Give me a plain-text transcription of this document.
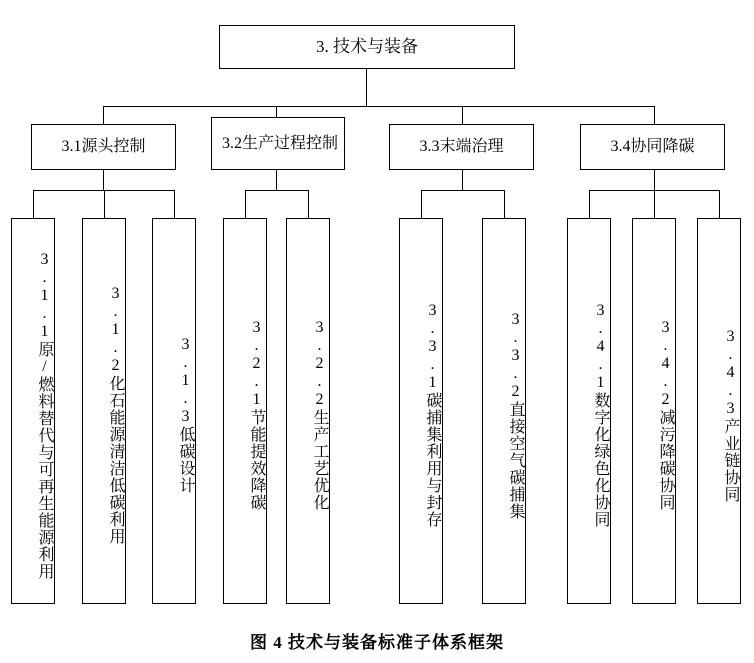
3. 技术与装备
3.1源头控制	3.2生产过程控制	3.3末端治理	3.4协同降碳
3.1.1原/燃料替代与可再生能源利用	3.1.2化石能源清洁低碳利用	3.1.3低碳设计	3.2.1节能提效降碳	3.2.2生产工艺优化	3.3.1碳捕集利用与封存	3.3.2直接空气碳捕集	3.4.1数字化绿色化协同	3.4.2减污降碳协同	3.4.3产业链协同
图 4 技术与装备标准子体系框架
